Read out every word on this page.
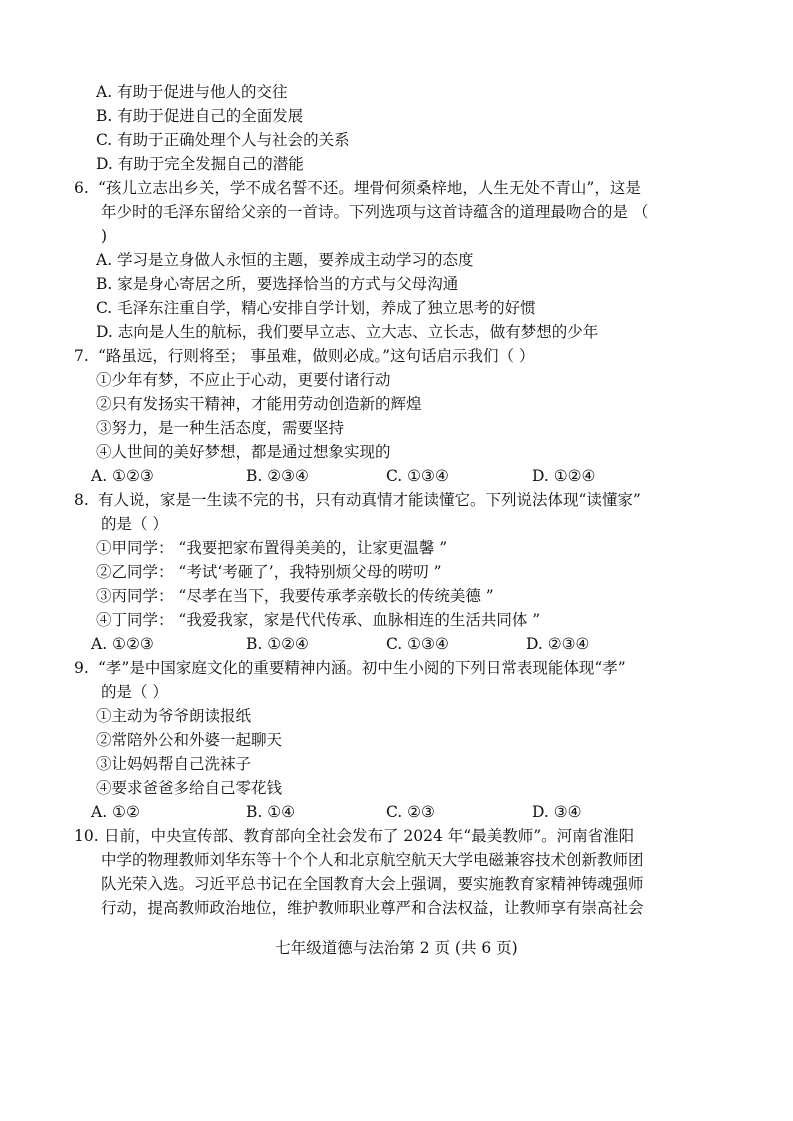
A. 有助于促进与他人的交往
B. 有助于促进自己的全面发展
C. 有助于正确处理个人与社会的关系
D. 有助于完全发掘自己的潜能
6. “孩儿立志出乡关，学不成名誓不还。埋骨何须桑梓地，人生无处不青山”，这是
年少时的毛泽东留给父亲的一首诗。下列选项与这首诗蕴含的道理最吻合的是 （
)
A. 学习是立身做人永恒的主题，要养成主动学习的态度
B. 家是身心寄居之所，要选择恰当的方式与父母沟通
C. 毛泽东注重自学，精心安排自学计划，养成了独立思考的好惯
D. 志向是人生的航标，我们要早立志、立大志、立长志，做有梦想的少年
7. “路虽远，行则将至； 事虽难，做则必成。”这句话启示我们（ ）
①少年有梦，不应止于心动，更要付诸行动
②只有发扬实干精神，才能用劳动创造新的辉煌
③努力，是一种生活态度，需要坚持
④人世间的美好梦想，都是通过想象实现的
A. ①②③	B. ②③④	C. ①③④	D. ①②④
8. 有人说，家是一生读不完的书，只有动真情才能读懂它。下列说法体现“读懂家”
的是（ ）
①甲同学： “我要把家布置得美美的，让家更温馨 ”
②乙同学： “考试‘考砸了’，我特别烦父母的唠叨 ”
③丙同学： “尽孝在当下，我要传承孝亲敬长的传统美德 ”
④丁同学： “我爱我家，家是代代传承、血脉相连的生活共同体 ”
A. ①②③	B. ①②④	C. ①③④	D. ②③④
9. “孝”是中国家庭文化的重要精神内涵。初中生小阅的下列日常表现能体现“孝”
的是（ ）
①主动为爷爷朗读报纸
②常陪外公和外婆一起聊天
③让妈妈帮自己洗袜子
④要求爸爸多给自己零花钱
A. ①②	B. ①④	C. ②③	D. ③④
10. 日前，中央宣传部、教育部向全社会发布了 2024 年“最美教师”。河南省淮阳
中学的物理教师刘华东等十个个人和北京航空航天大学电磁兼容技术创新教师团
队光荣入选。习近平总书记在全国教育大会上强调，要实施教育家精神铸魂强师
行动，提高教师政治地位，维护教师职业尊严和合法权益，让教师享有崇高社会
七年级道德与法治第 2 页 (共 6 页)
